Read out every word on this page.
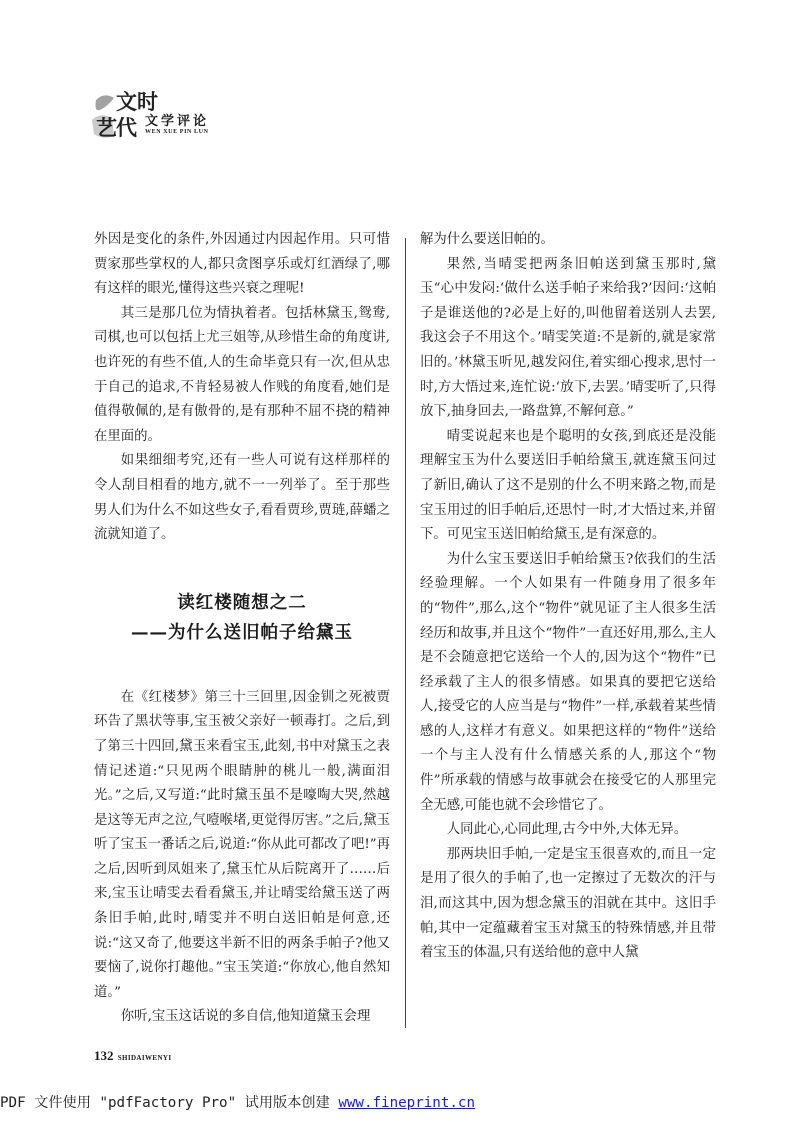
文时
艺代 文学评论
WEN XUE PIN LUN

外因是变化的条件,外因通过内因起作用。只可惜贾家那些掌权的人,都只贪图享乐或灯红酒绿了,哪有这样的眼光,懂得这些兴衰之理呢!

其三是那几位为情执着者。包括林黛玉,鸳鸯,司棋,也可以包括上尤三姐等,从珍惜生命的角度讲,也许死的有些不值,人的生命毕竟只有一次,但从忠于自己的追求,不肯轻易被人作贱的角度看,她们是值得敬佩的,是有傲骨的,是有那种不屈不挠的精神在里面的。

如果细细考究,还有一些人可说有这样那样的令人刮目相看的地方,就不一一列举了。至于那些男人们为什么不如这些女子,看看贾珍,贾琏,薛蟠之流就知道了。

读红楼随想之二
——为什么送旧帕子给黛玉

在《红楼梦》第三十三回里,因金钏之死被贾环告了黑状等事,宝玉被父亲好一顿毒打。之后,到了第三十四回,黛玉来看宝玉,此刻,书中对黛玉之表情记述道:“只见两个眼睛肿的桃儿一般,满面泪光。”之后,又写道:“此时黛玉虽不是嚎啕大哭,然越是这等无声之泣,气噎喉堵,更觉得厉害。”之后,黛玉听了宝玉一番话之后,说道:“你从此可都改了吧!”再之后,因听到凤姐来了,黛玉忙从后院离开了……后来,宝玉让晴雯去看看黛玉,并让晴雯给黛玉送了两条旧手帕,此时,晴雯并不明白送旧帕是何意,还说:“这又奇了,他要这半新不旧的两条手帕子?他又要恼了,说你打趣他。”宝玉笑道:“你放心,他自然知道。”

你听,宝玉这话说的多自信,他知道黛玉会理

解为什么要送旧帕的。

果然,当晴雯把两条旧帕送到黛玉那时,黛玉“心中发闷:‘做什么送手帕子来给我?’因问:‘这帕子是谁送他的?必是上好的,叫他留着送别人去罢,我这会子不用这个。’晴雯笑道:不是新的,就是家常旧的。’林黛玉听见,越发闷住,着实细心搜求,思忖一时,方大悟过来,连忙说:‘放下,去罢。’晴雯听了,只得放下,抽身回去,一路盘算,不解何意。”

晴雯说起来也是个聪明的女孩,到底还是没能理解宝玉为什么要送旧手帕给黛玉,就连黛玉问过了新旧,确认了这不是别的什么不明来路之物,而是宝玉用过的旧手帕后,还思忖一时,才大悟过来,并留下。可见宝玉送旧帕给黛玉,是有深意的。

为什么宝玉要送旧手帕给黛玉?依我们的生活经验理解。一个人如果有一件随身用了很多年的“物件”,那么,这个“物件”就见证了主人很多生活经历和故事,并且这个“物件”一直还好用,那么,主人是不会随意把它送给一个人的,因为这个“物件”已经承载了主人的很多情感。如果真的要把它送给人,接受它的人应当是与“物件”一样,承载着某些情感的人,这样才有意义。如果把这样的“物件”送给一个与主人没有什么情感关系的人,那这个“物件”所承载的情感与故事就会在接受它的人那里完全无感,可能也就不会珍惜它了。

人同此心,心同此理,古今中外,大体无异。

那两块旧手帕,一定是宝玉很喜欢的,而且一定是用了很久的手帕了,也一定擦过了无数次的汗与泪,而这其中,因为想念黛玉的泪就在其中。这旧手帕,其中一定蕴藏着宝玉对黛玉的特殊情感,并且带着宝玉的体温,只有送给他的意中人黛

132 SHIDAIWENYI
PDF 文件使用 "pdfFactory Pro" 试用版本创建 www.fineprint.cn
